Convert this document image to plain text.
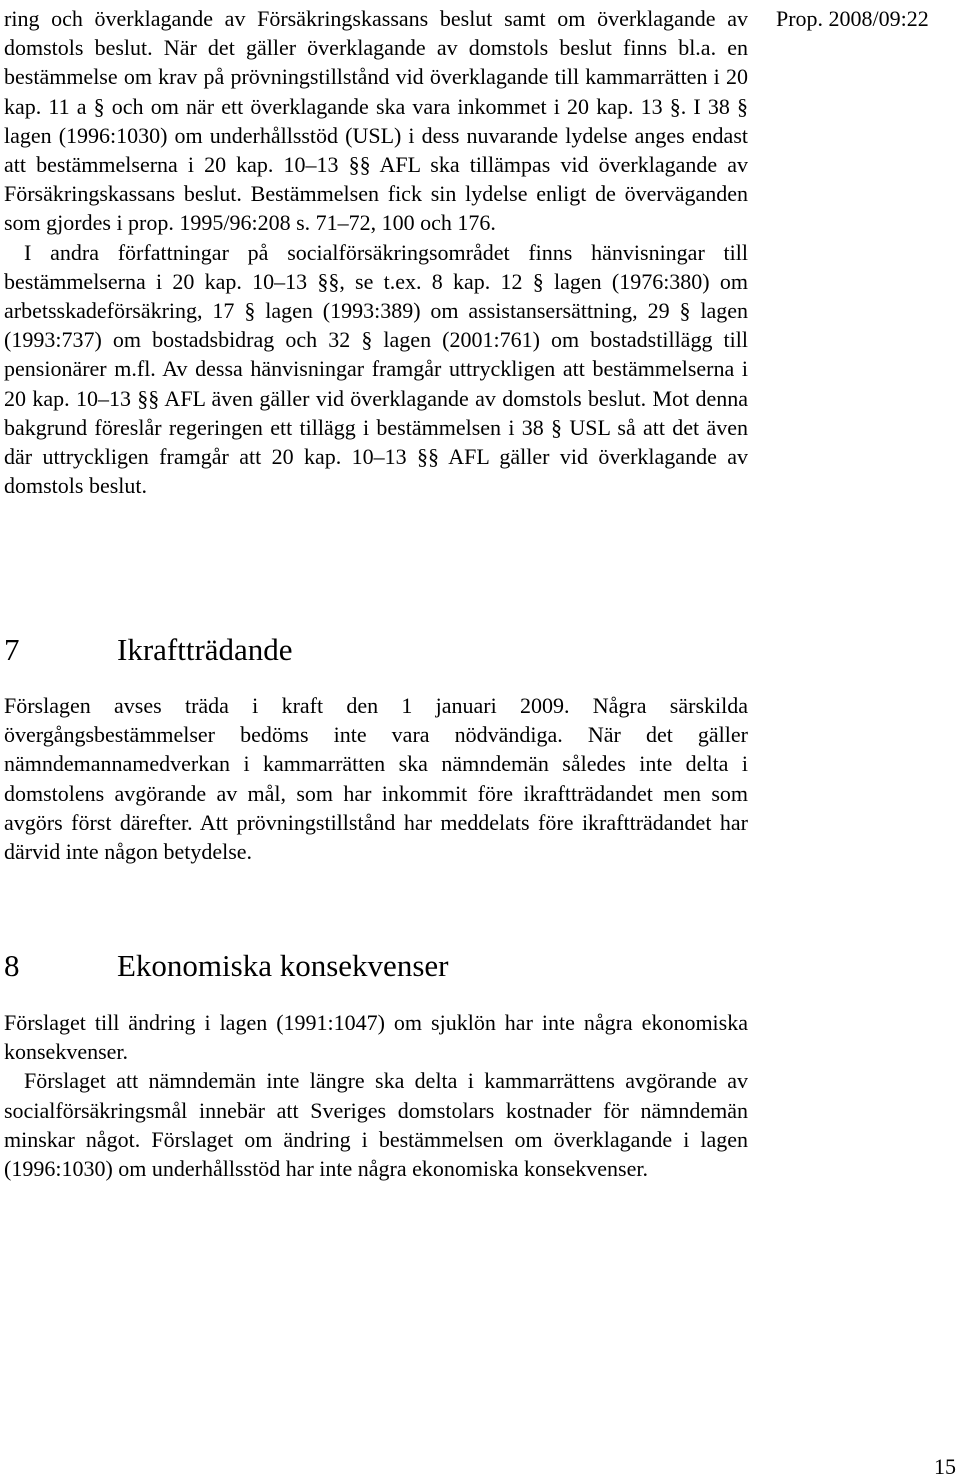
Prop. 2008/09:22

ring och överklagande av Försäkringskassans beslut samt om överklagande av domstols beslut. När det gäller överklagande av domstols beslut finns bl.a. en bestämmelse om krav på prövningstillstånd vid överklagande till kammarrätten i 20 kap. 11 a § och om när ett överklagande ska vara inkommet i 20 kap. 13 §. I 38 § lagen (1996:1030) om underhållsstöd (USL) i dess nuvarande lydelse anges endast att bestämmelserna i 20 kap. 10–13 §§ AFL ska tillämpas vid överklagande av Försäkringskassans beslut. Bestämmelsen fick sin lydelse enligt de överväganden som gjordes i prop. 1995/96:208 s. 71–72, 100 och 176.

I andra författningar på socialförsäkringsområdet finns hänvisningar till bestämmelserna i 20 kap. 10–13 §§, se t.ex. 8 kap. 12 § lagen (1976:380) om arbetsskadeförsäkring, 17 § lagen (1993:389) om assistansersättning, 29 § lagen (1993:737) om bostadsbidrag och 32 § lagen (2001:761) om bostadstillägg till pensionärer m.fl. Av dessa hänvisningar framgår uttryckligen att bestämmelserna i 20 kap. 10–13 §§ AFL även gäller vid överklagande av domstols beslut. Mot denna bakgrund föreslår regeringen ett tillägg i bestämmelsen i 38 § USL så att det även där uttryckligen framgår att 20 kap. 10–13 §§ AFL gäller vid överklagande av domstols beslut.

7	Ikraftträdande

Förslagen avses träda i kraft den 1 januari 2009. Några särskilda övergångsbestämmelser bedöms inte vara nödvändiga. När det gäller nämndemannamedverkan i kammarrätten ska nämndemän således inte delta i domstolens avgörande av mål, som har inkommit före ikraftträdandet men som avgörs först därefter. Att prövningstillstånd har meddelats före ikraftträdandet har därvid inte någon betydelse.

8	Ekonomiska konsekvenser

Förslaget till ändring i lagen (1991:1047) om sjuklön har inte några ekonomiska konsekvenser.

Förslaget att nämndemän inte längre ska delta i kammarrättens avgörande av socialförsäkringsmål innebär att Sveriges domstolars kostnader för nämndemän minskar något. Förslaget om ändring i bestämmelsen om överklagande i lagen (1996:1030) om underhållsstöd har inte några ekonomiska konsekvenser.

15
